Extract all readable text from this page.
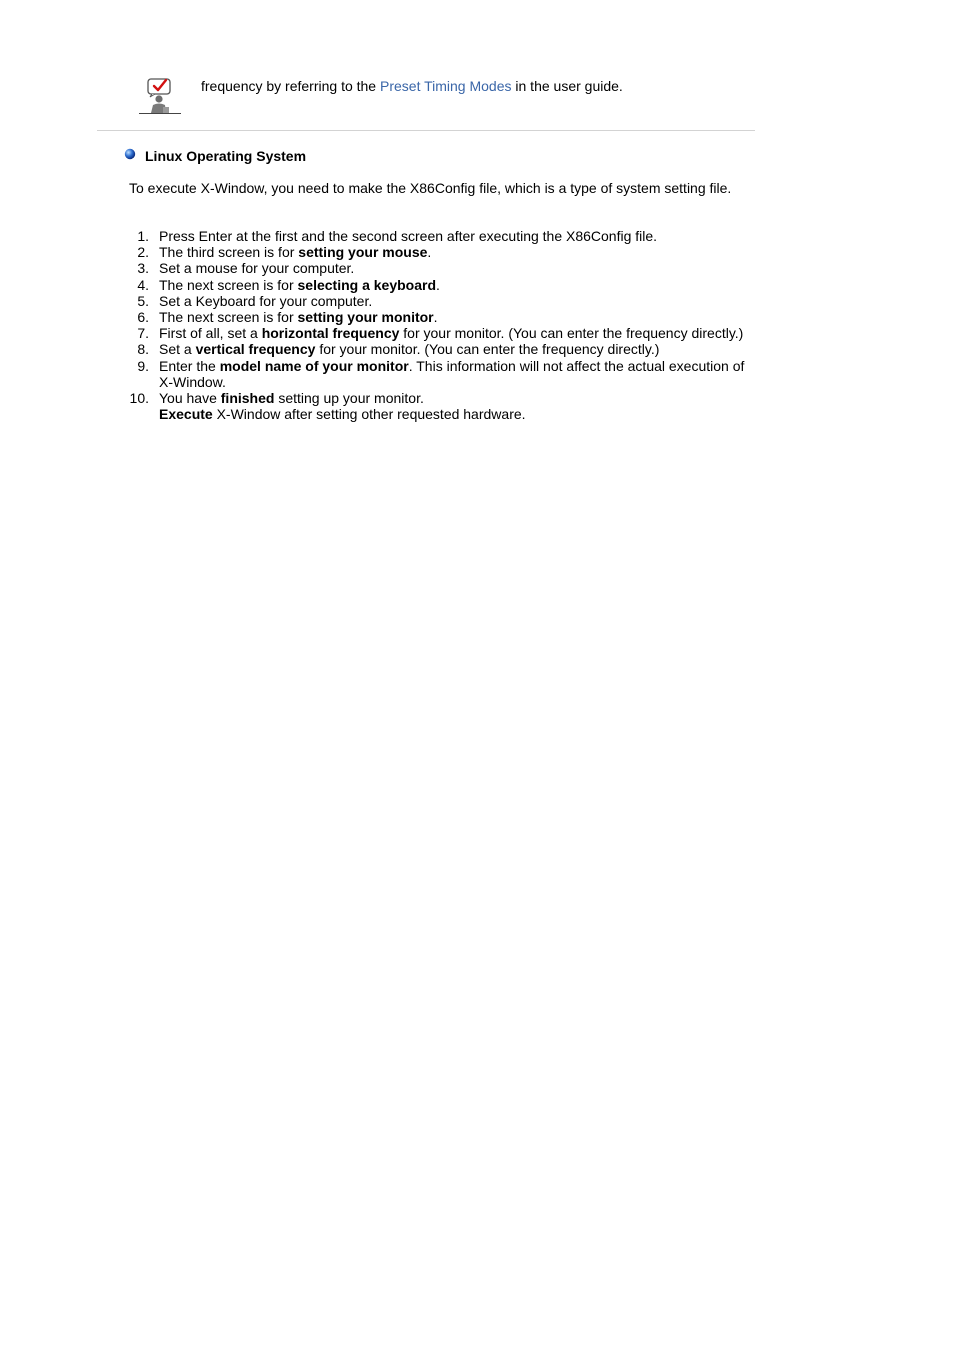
frequency by referring to the Preset Timing Modes in the user guide.
Linux Operating System
To execute X-Window, you need to make the X86Config file, which is a type of system setting file.
1. Press Enter at the first and the second screen after executing the X86Config file.
2. The third screen is for setting your mouse.
3. Set a mouse for your computer.
4. The next screen is for selecting a keyboard.
5. Set a Keyboard for your computer.
6. The next screen is for setting your monitor.
7. First of all, set a horizontal frequency for your monitor. (You can enter the frequency directly.)
8. Set a vertical frequency for your monitor. (You can enter the frequency directly.)
9. Enter the model name of your monitor. This information will not affect the actual execution of X-Window.
10. You have finished setting up your monitor.
Execute X-Window after setting other requested hardware.
